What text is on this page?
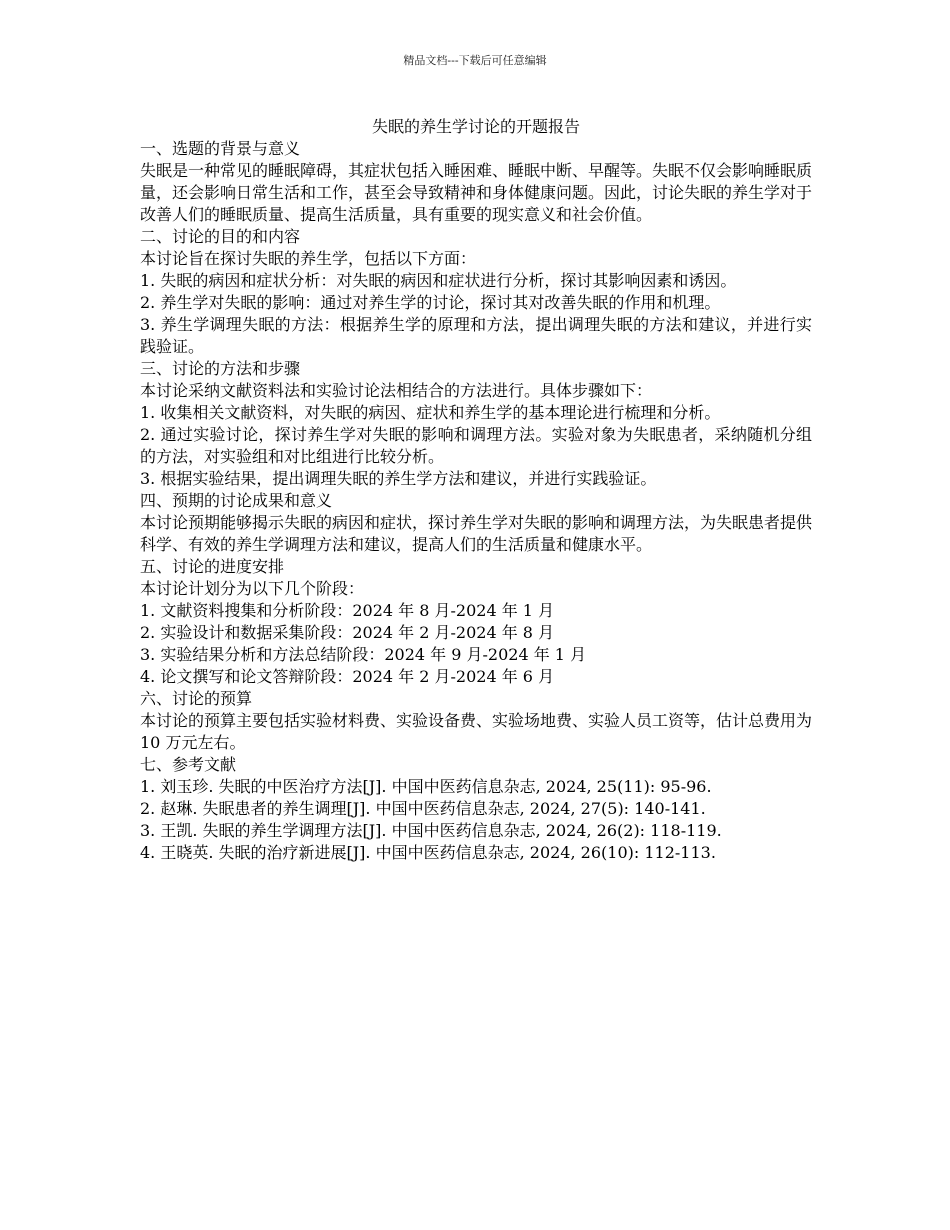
精品文档---下载后可任意编辑
失眠的养生学讨论的开题报告
一、选题的背景与意义

失眠是一种常见的睡眠障碍，其症状包括入睡困难、睡眠中断、早醒等。失眠不仅会影响睡眠质量，还会影响日常生活和工作，甚至会导致精神和身体健康问题。因此，讨论失眠的养生学对于改善人们的睡眠质量、提高生活质量，具有重要的现实意义和社会价值。

二、讨论的目的和内容

本讨论旨在探讨失眠的养生学，包括以下方面：

1. 失眠的病因和症状分析：对失眠的病因和症状进行分析，探讨其影响因素和诱因。

2. 养生学对失眠的影响：通过对养生学的讨论，探讨其对改善失眠的作用和机理。

3. 养生学调理失眠的方法：根据养生学的原理和方法，提出调理失眠的方法和建议，并进行实践验证。

三、讨论的方法和步骤

本讨论采纳文献资料法和实验讨论法相结合的方法进行。具体步骤如下：

1. 收集相关文献资料，对失眠的病因、症状和养生学的基本理论进行梳理和分析。

2. 通过实验讨论，探讨养生学对失眠的影响和调理方法。实验对象为失眠患者，采纳随机分组的方法，对实验组和对比组进行比较分析。

3. 根据实验结果，提出调理失眠的养生学方法和建议，并进行实践验证。

四、预期的讨论成果和意义

本讨论预期能够揭示失眠的病因和症状，探讨养生学对失眠的影响和调理方法，为失眠患者提供科学、有效的养生学调理方法和建议，提高人们的生活质量和健康水平。

五、讨论的进度安排

本讨论计划分为以下几个阶段：

1. 文献资料搜集和分析阶段：2024 年 8 月-2024 年 1 月

2. 实验设计和数据采集阶段：2024 年 2 月-2024 年 8 月

3. 实验结果分析和方法总结阶段：2024 年 9 月-2024 年 1 月

4. 论文撰写和论文答辩阶段：2024 年 2 月-2024 年 6 月

六、讨论的预算

本讨论的预算主要包括实验材料费、实验设备费、实验场地费、实验人员工资等，估计总费用为 10 万元左右。

七、参考文献

1. 刘玉珍. 失眠的中医治疗方法[J]. 中国中医药信息杂志, 2024, 25(11): 95-96.

2. 赵琳. 失眠患者的养生调理[J]. 中国中医药信息杂志, 2024, 27(5): 140-141.

3. 王凯. 失眠的养生学调理方法[J]. 中国中医药信息杂志, 2024, 26(2): 118-119.

4. 王晓英. 失眠的治疗新进展[J]. 中国中医药信息杂志, 2024, 26(10): 112-113.
